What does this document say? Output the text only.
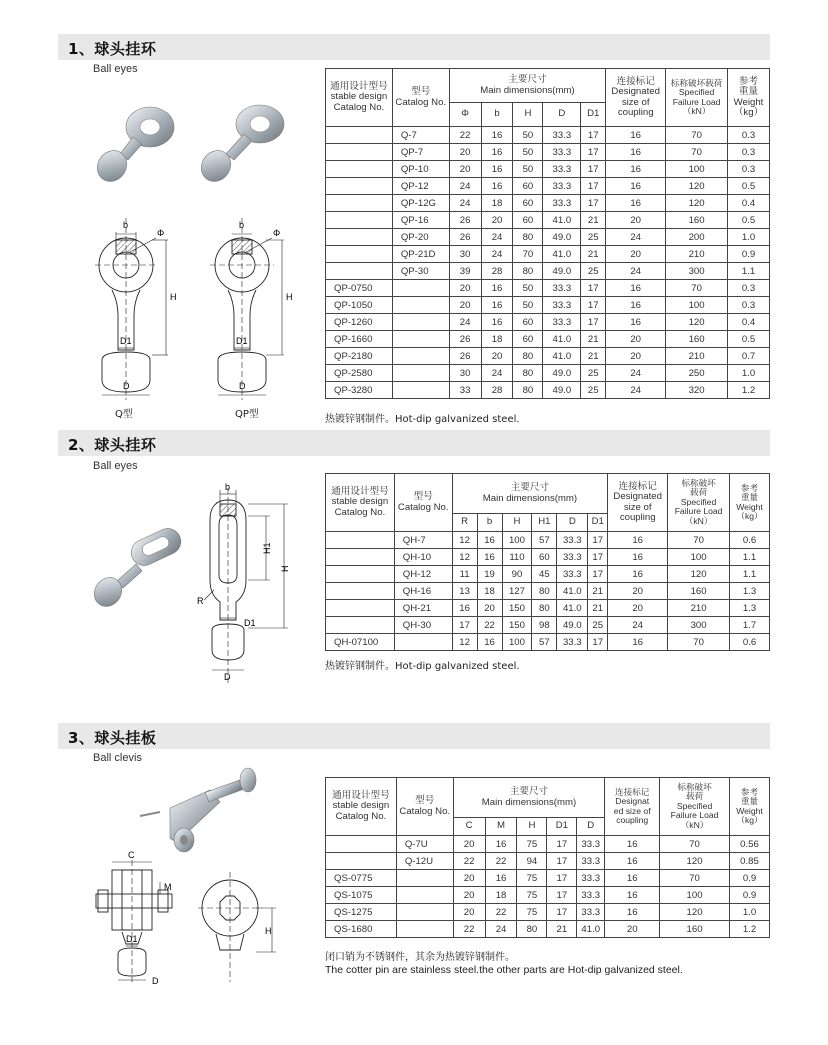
1、球头挂环
Ball eyes
b
Φ
H
D1
D
b
Φ
H
D1
D
Q型	QP型
通用设计型号
stable design
Catalog No.	型号
Catalog No.	主要尺寸
Main dimensions(mm)					连接标记
Designated
size of
coupling	标称破坏载荷
Specified
Failure Load
（kN）	参考
重量
Weight
（kg）
		Φ	b	H	D	D1			
	Q-7	22	16	50	33.3	17	16	70	0.3
	QP-7	20	16	50	33.3	17	16	70	0.3
	QP-10	20	16	50	33.3	17	16	100	0.3
	QP-12	24	16	60	33.3	17	16	120	0.5
	QP-12G	24	18	60	33.3	17	16	120	0.4
	QP-16	26	20	60	41.0	21	20	160	0.5
	QP-20	26	24	80	49.0	25	24	200	1.0
	QP-21D	30	24	70	41.0	21	20	210	0.9
	QP-30	39	28	80	49.0	25	24	300	1.1
QP-0750		20	16	50	33.3	17	16	70	0.3
QP-1050		20	16	50	33.3	17	16	100	0.3
QP-1260		24	16	60	33.3	17	16	120	0.4
QP-1660		26	18	60	41.0	21	20	160	0.5
QP-2180		26	20	80	41.0	21	20	210	0.7
QP-2580		30	24	80	49.0	25	24	250	1.0
QP-3280		33	28	80	49.0	25	24	320	1.2
热镀锌钢制件。Hot-dip galvanized steel.
2、球头挂环
Ball eyes
b
H1
H
R
D1
D
通用设计型号
stable design
Catalog No.	型号
Catalog No.	主要尺寸
Main dimensions(mm)						连接标记
Designated
size of
coupling	标称破坏
载荷
Specified
Failure Load
（kN）	参考
重量
Weight
（kg）
		R	b	H	H1	D	D1			
	QH-7	12	16	100	57	33.3	17	16	70	0.6
	QH-10	12	16	110	60	33.3	17	16	100	1.1
	QH-12	11	19	90	45	33.3	17	16	120	1.1
	QH-16	13	18	127	80	41.0	21	20	160	1.3
	QH-21	16	20	150	80	41.0	21	20	210	1.3
	QH-30	17	22	150	98	49.0	25	24	300	1.7
QH-07100		12	16	100	57	33.3	17	16	70	0.6
热镀锌钢制件。Hot-dip galvanized steel.
3、球头挂板
Ball clevis
C
M
D1
D
H
通用设计型号
stable design
Catalog No.	型号
Catalog No.	主要尺寸
Main dimensions(mm)					连接标记
Designat
ed size of
coupling	标称破坏
载荷
Specified
Failure Load
（kN）	参考
重量
Weight
（kg）
		C	M	H	D1	D			
	Q-7U	20	16	75	17	33.3	16	70	0.56
	Q-12U	22	22	94	17	33.3	16	120	0.85
QS-0775		20	16	75	17	33.3	16	70	0.9
QS-1075		20	18	75	17	33.3	16	100	0.9
QS-1275		20	22	75	17	33.3	16	120	1.0
QS-1680		22	24	80	21	41.0	20	160	1.2
闭口销为不锈钢件，其余为热镀锌钢制件。
The cotter pin are stainless steel.the other parts are Hot-dip galvanized steel.
